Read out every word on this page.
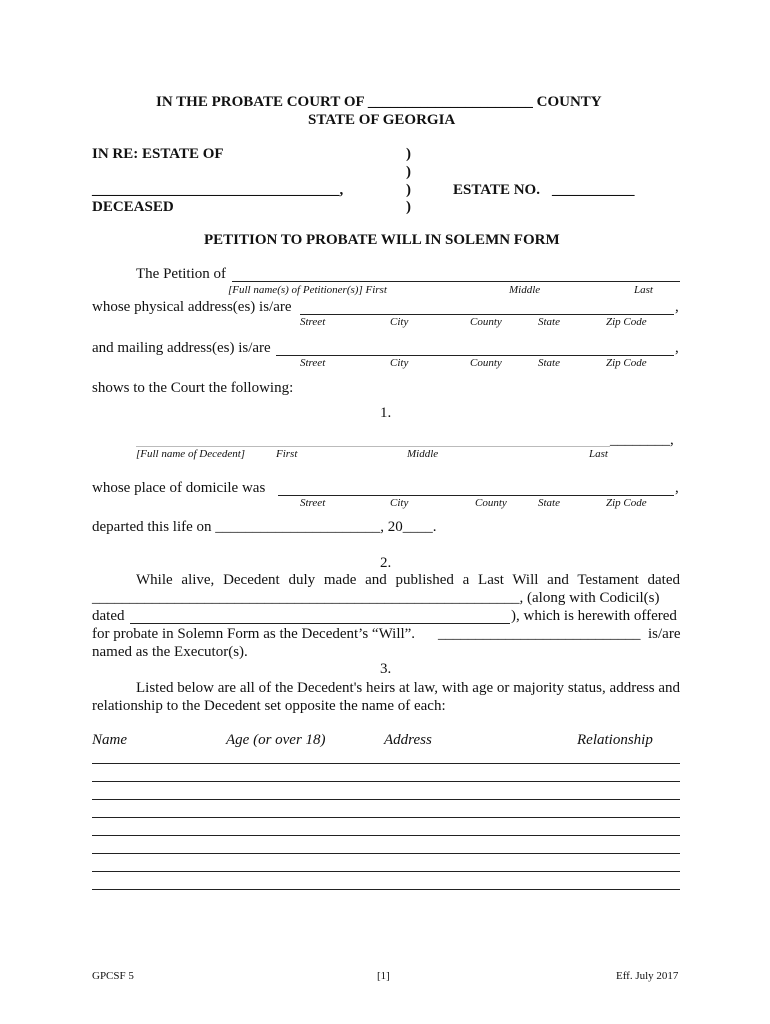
IN THE PROBATE COURT OF ______________________ COUNTY
STATE OF GEORGIA
IN RE: ESTATE OF
_________________________________,
DECEASED
)
)
)
)
ESTATE NO. ___________
PETITION TO PROBATE WILL IN SOLEMN FORM
The Petition of
[Full name(s) of Petitioner(s)] First	Middle	Last
whose physical address(es) is/are	,
Street	City	County	State	Zip Code
and mailing address(es) is/are	,
Street	City	County	State	Zip Code
shows to the Court the following:
1.
________,
[Full name of Decedent]	First	Middle	Last
whose place of domicile was	,
Street	City	County	State	Zip Code
departed this life on ______________________, 20____.
2.
While alive, Decedent duly made and published a Last Will and Testament dated
_________________________________________________________, (along with Codicil(s)
dated	), which is herewith offered
for probate in Solemn Form as the Decedent’s “Will”. ___________________________ is/are
named as the Executor(s).
3.
Listed below are all of the Decedent's heirs at law, with age or majority status, address and
relationship to the Decedent set opposite the name of each:
Name	Age (or over 18)	Address	Relationship
GPCSF 5	[1]	Eff. July 2017
